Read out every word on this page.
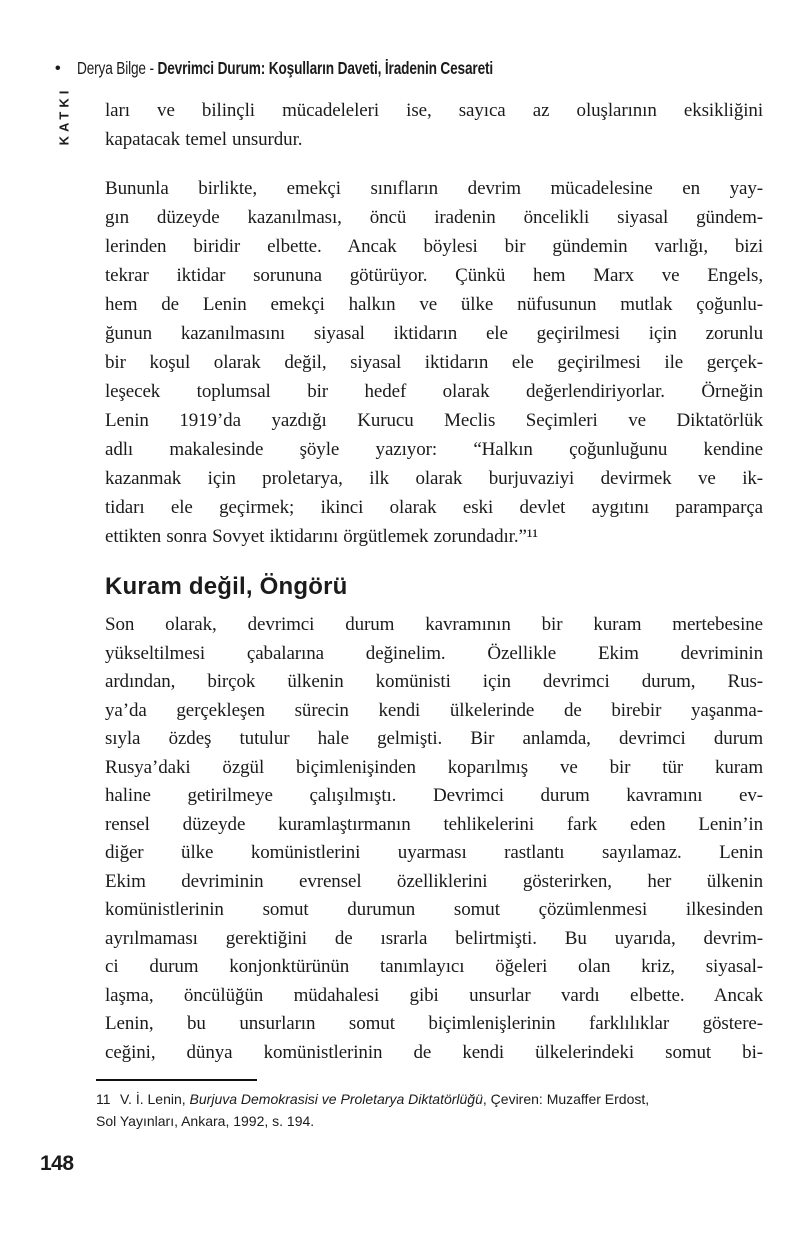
• Derya Bilge - Devrimci Durum: Koşulların Daveti, İradenin Cesareti
KATKI ları ve bilinçli mücadeleleri ise, sayıca az oluşlarının eksikliğini
kapatacak temel unsurdur.
Bununla birlikte, emekçi sınıfların devrim mücadelesine en yay-
gın düzeyde kazanılması, öncü iradenin öncelikli siyasal gündem-
lerinden biridir elbette. Ancak böylesi bir gündemin varlığı, bizi
tekrar iktidar sorununa götürüyor. Çünkü hem Marx ve Engels,
hem de Lenin emekçi halkın ve ülke nüfusunun mutlak çoğunlu-
ğunun kazanılmasını siyasal iktidarın ele geçirilmesi için zorunlu
bir koşul olarak değil, siyasal iktidarın ele geçirilmesi ile gerçek-
leşecek toplumsal bir hedef olarak değerlendiriyorlar. Örneğin
Lenin 1919’da yazdığı Kurucu Meclis Seçimleri ve Diktatörlük
adlı makalesinde şöyle yazıyor: “Halkın çoğunluğunu kendine
kazanmak için proletarya, ilk olarak burjuvaziyi devirmek ve ik-
tidarı ele geçirmek; ikinci olarak eski devlet aygıtını paramparça
ettikten sonra Sovyet iktidarını örgütlemek zorundadır.”¹¹
Kuram değil, Öngörü
Son olarak, devrimci durum kavramının bir kuram mertebesine
yükseltilmesi çabalarına değinelim. Özellikle Ekim devriminin
ardından, birçok ülkenin komünisti için devrimci durum, Rus-
ya’da gerçekleşen sürecin kendi ülkelerinde de birebir yaşanma-
sıyla özdeş tutulur hale gelmişti. Bir anlamda, devrimci durum
Rusya’daki özgül biçimlenişinden koparılmış ve bir tür kuram
haline getirilmeye çalışılmıştı. Devrimci durum kavramını ev-
rensel düzeyde kuramlaştırmanın tehlikelerini fark eden Lenin’in
diğer ülke komünistlerini uyarması rastlantı sayılamaz. Lenin
Ekim devriminin evrensel özelliklerini gösterirken, her ülkenin
komünistlerinin somut durumun somut çözümlenmesi ilkesinden
ayrılmaması gerektiğini de ısrarla belirtmişti. Bu uyarıda, devrim-
ci durum konjonktürünün tanımlayıcı öğeleri olan kriz, siyasal-
laşma, öncülüğün müdahalesi gibi unsurlar vardı elbette. Ancak
Lenin, bu unsurların somut biçimlenişlerinin farklılıklar göstere-
ceğini, dünya komünistlerinin de kendi ülkelerindeki somut bi-
11 V. İ. Lenin, Burjuva Demokrasisi ve Proletarya Diktatörlüğü, Çeviren: Muzaffer Erdost,
Sol Yayınları, Ankara, 1992, s. 194.
148
